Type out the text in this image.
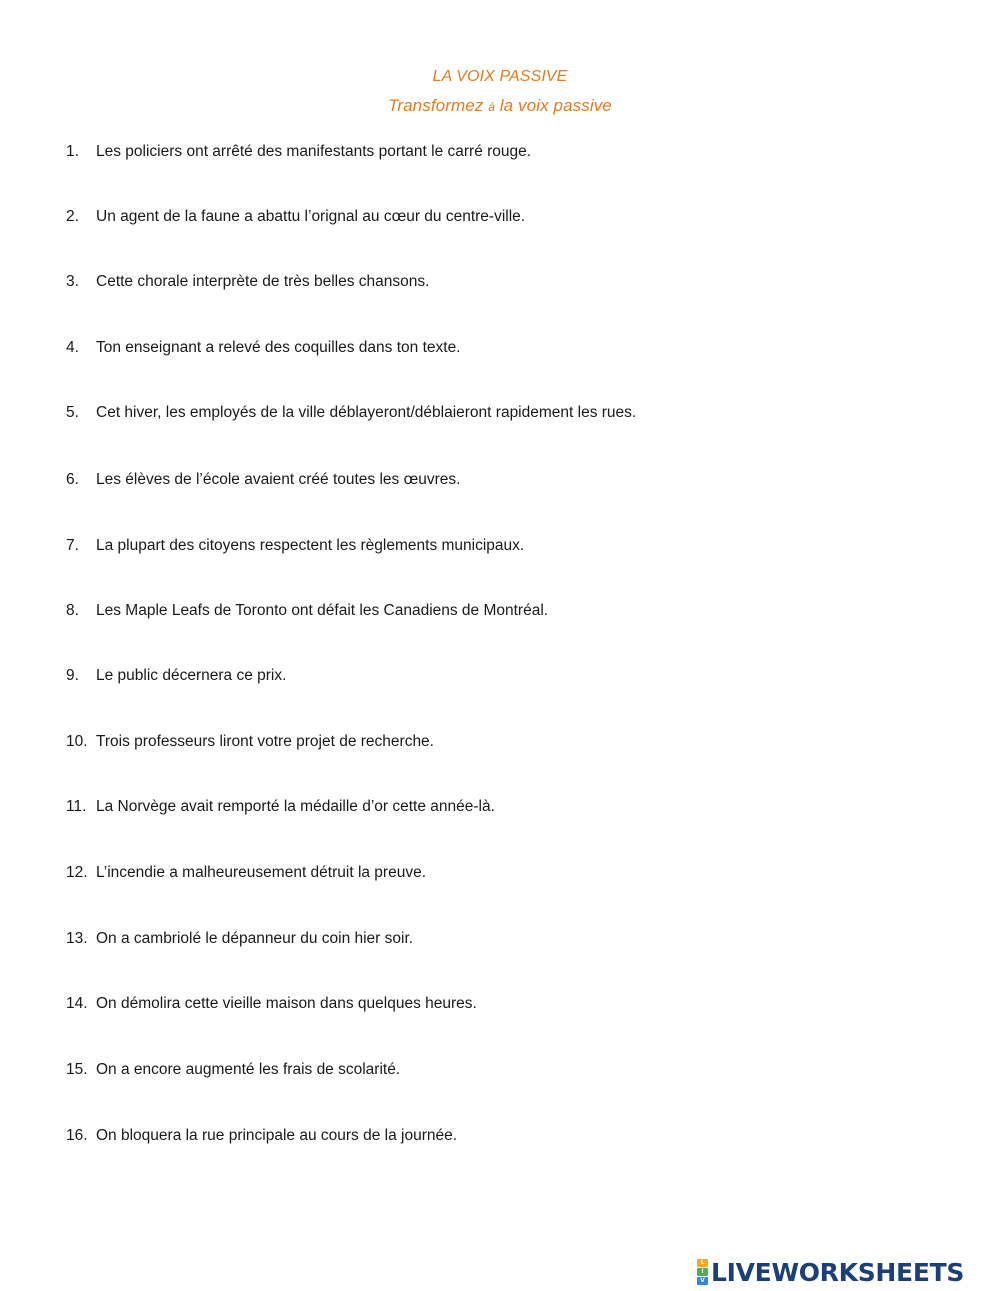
LA VOIX PASSIVE
Transformez à la voix passive
1. Les policiers ont arrêté des manifestants portant le carré rouge.
2. Un agent de la faune a abattu l’orignal au cœur du centre-ville.
3. Cette chorale interprète de très belles chansons.
4. Ton enseignant a relevé des coquilles dans ton texte.
5. Cet hiver, les employés de la ville déblayeront/déblaieront rapidement les rues.
6. Les élèves de l’école avaient créé toutes les œuvres.
7. La plupart des citoyens respectent les règlements municipaux.
8. Les Maple Leafs de Toronto ont défait les Canadiens de Montréal.
9. Le public décernera ce prix.
10. Trois professeurs liront votre projet de recherche.
11. La Norvège avait remporté la médaille d’or cette année-là.
12. L’incendie a malheureusement détruit la preuve.
13. On a cambriolé le dépanneur du coin hier soir.
14. On démolira cette vieille maison dans quelques heures.
15. On a encore augmenté les frais de scolarité.
16. On bloquera la rue principale au cours de la journée.
L
I
V LIVEWORKSHEETS
